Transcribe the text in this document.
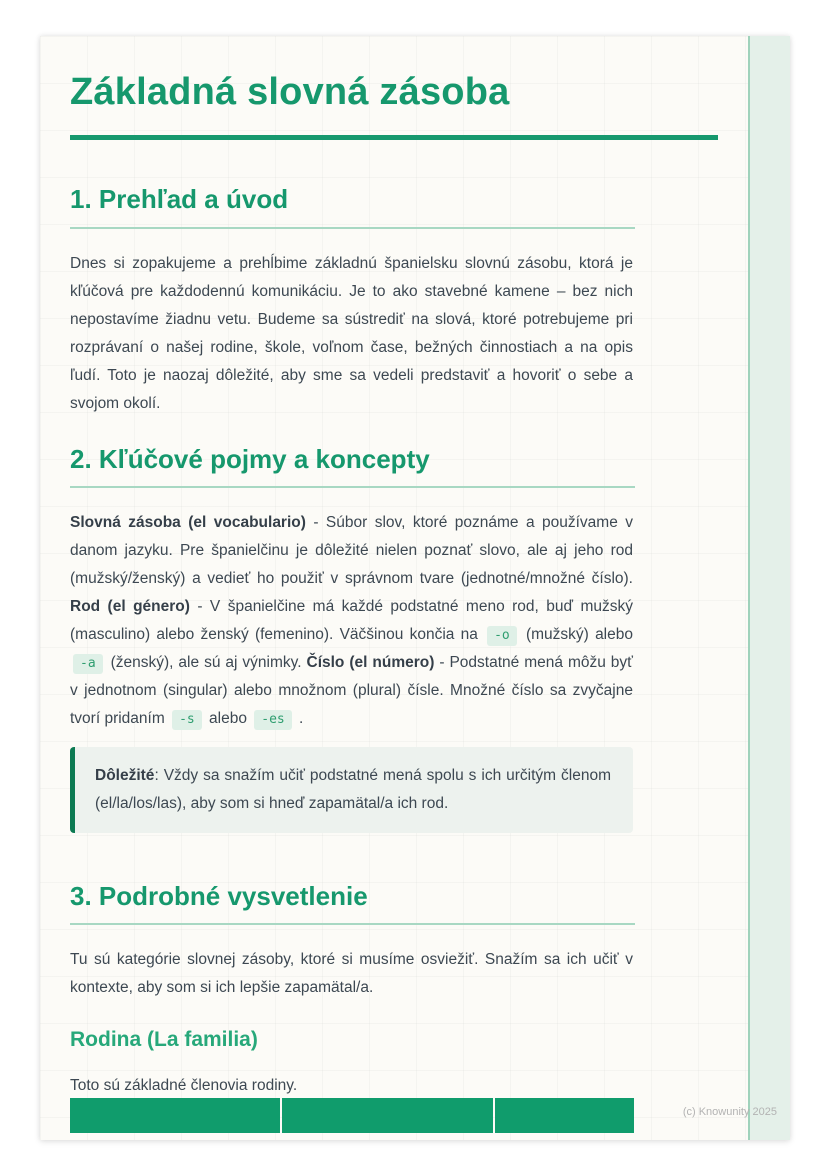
Základná slovná zásoba
1. Prehľad a úvod

Dnes si zopakujeme a prehĺbime základnú španielsku slovnú zásobu, ktorá je kľúčová pre každodennú komunikáciu. Je to ako stavebné kamene – bez nich nepostavíme žiadnu vetu. Budeme sa sústrediť na slová, ktoré potrebujeme pri rozprávaní o našej rodine, škole, voľnom čase, bežných činnostiach a na opis ľudí. Toto je naozaj dôležité, aby sme sa vedeli predstaviť a hovoriť o sebe a svojom okolí.

2. Kľúčové pojmy a koncepty

Slovná zásoba (el vocabulario) - Súbor slov, ktoré poznáme a používame v danom jazyku. Pre španielčinu je dôležité nielen poznať slovo, ale aj jeho rod (mužský/ženský) a vedieť ho použiť v správnom tvare (jednotné/množné číslo). Rod (el género) - V španielčine má každé podstatné meno rod, buď mužský (masculino) alebo ženský (femenino). Väčšinou končia na -o (mužský) alebo -a (ženský), ale sú aj výnimky. Číslo (el número) - Podstatné mená môžu byť v jednotnom (singular) alebo množnom (plural) čísle. Množné číslo sa zvyčajne tvorí pridaním -s alebo -es .

Dôležité: Vždy sa snažím učiť podstatné mená spolu s ich určitým členom (el/la/los/las), aby som si hneď zapamätal/a ich rod.
3. Podrobné vysvetlenie

Tu sú kategórie slovnej zásoby, ktoré si musíme osviežiť. Snažím sa ich učiť v kontexte, aby som si ich lepšie zapamätal/a.

Rodina (La familia)

Toto sú základné členovia rodiny.

(c) Knowunity 2025
